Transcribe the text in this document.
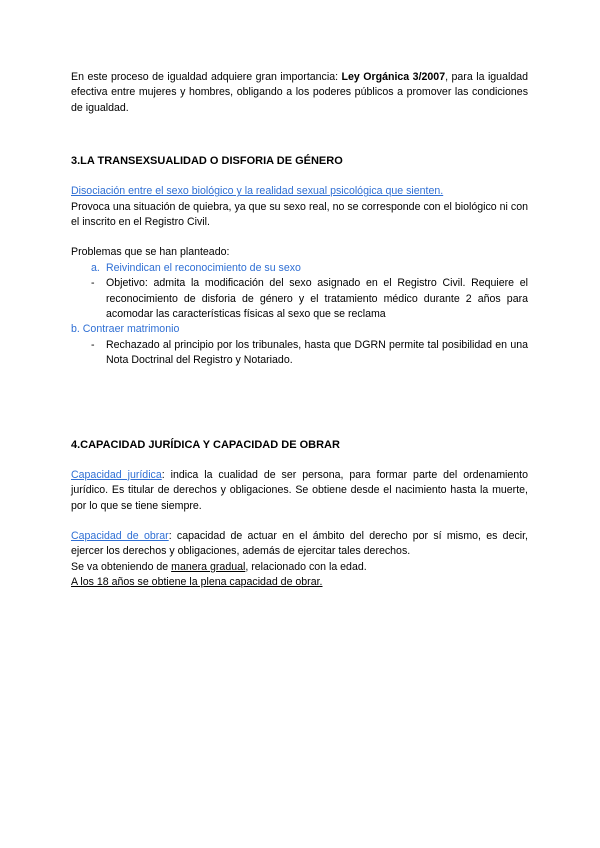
En este proceso de igualdad adquiere gran importancia: Ley Orgánica 3/2007, para la igualdad efectiva entre mujeres y hombres, obligando a los poderes públicos a promover las condiciones de igualdad.

3.LA TRANSEXSUALIDAD O DISFORIA DE GÉNERO

Disociación entre el sexo biológico y la realidad sexual psicológica que sienten.

Provoca una situación de quiebra, ya que su sexo real, no se corresponde con el biológico ni con el inscrito en el Registro Civil.

Problemas que se han planteado:

a. Reivindican el reconocimiento de su sexo
-	Objetivo: admita la modificación del sexo asignado en el Registro Civil. Requiere el reconocimiento de disforia de género y el tratamiento médico durante 2 años para acomodar las características físicas al sexo que se reclama

b. Contraer matrimonio

-	Rechazado al principio por los tribunales, hasta que DGRN permite tal posibilidad en una Nota Doctrinal del Registro y Notariado.
4.CAPACIDAD JURÍDICA Y CAPACIDAD DE OBRAR

Capacidad jurídica: indica la cualidad de ser persona, para formar parte del ordenamiento jurídico. Es titular de derechos y obligaciones. Se obtiene desde el nacimiento hasta la muerte, por lo que se tiene siempre.

Capacidad de obrar: capacidad de actuar en el ámbito del derecho por sí mismo, es decir, ejercer los derechos y obligaciones, además de ejercitar tales derechos.

Se va obteniendo de manera gradual, relacionado con la edad.

A los 18 años se obtiene la plena capacidad de obrar.
